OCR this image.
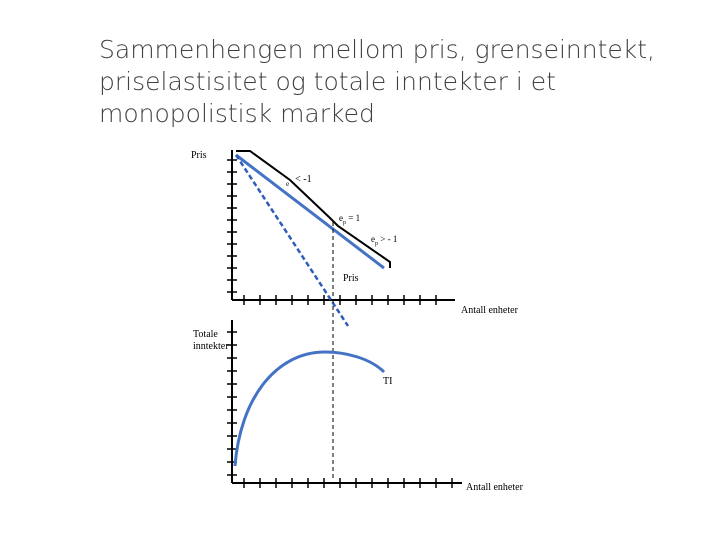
Sammenhengen mellom pris, grenseinntekt,
priselastisitet og totale inntekter i et
monopolistisk marked
Pris
$_e$ < -1
$e_p = 1$
$e_p$ > - 1
Pris
Antall enheter
Totale
inntekter
TI
Antall enheter
